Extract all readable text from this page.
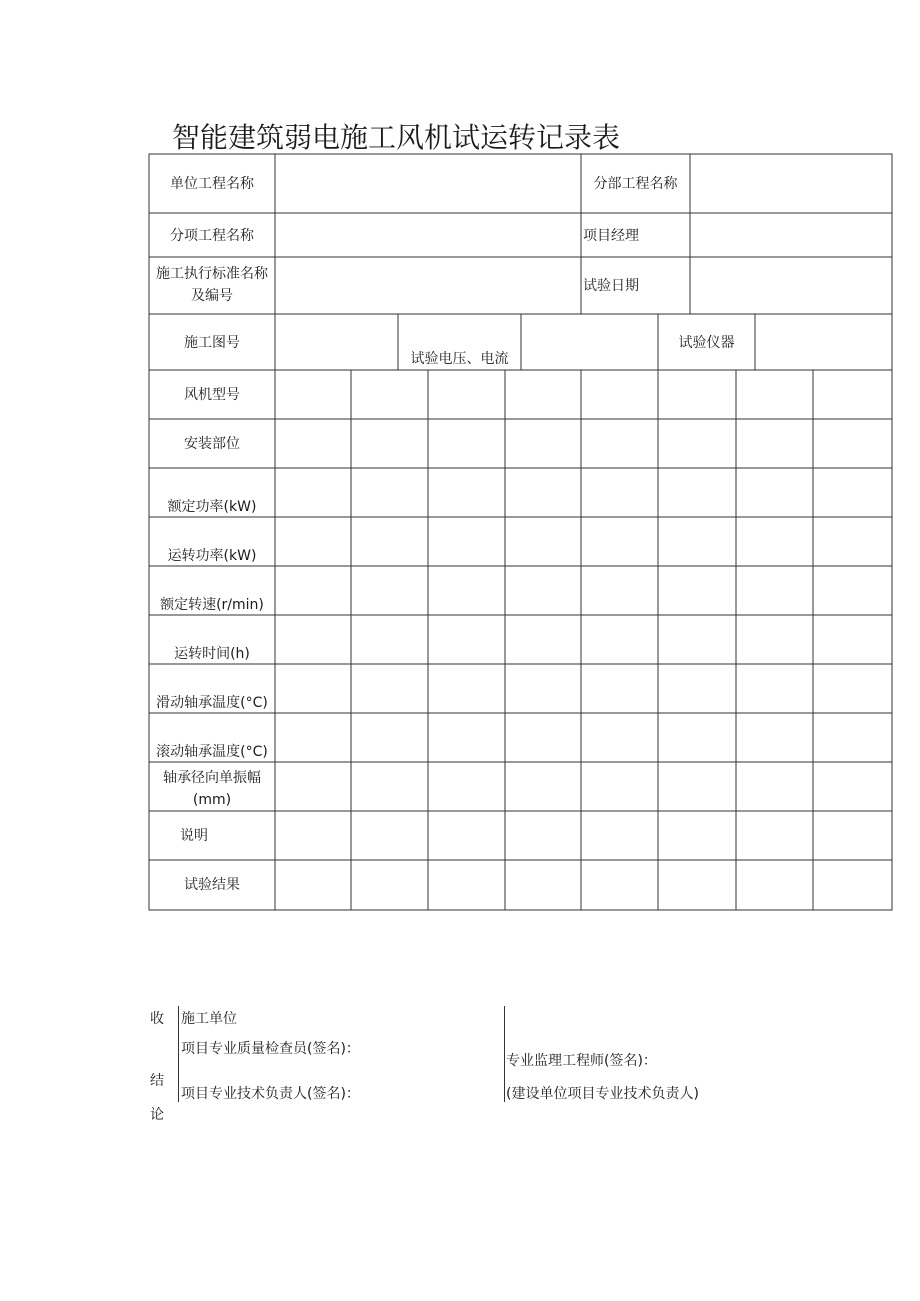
智能建筑弱电施工风机试运转记录表
单位工程名称	分部工程名称
分项工程名称	项目经理
施工执行标准名称
及编号
试验日期
施工图号
试验电压、电流
试验仪器
风机型号
安装部位
额定功率(kW)
运转功率(kW)
额定转速(r/min)
运转时间(h)
滑动轴承温度(°C)
滚动轴承温度(°C)
轴承径向单振幅
(mm)
说明
试验结果
收
结
论
施工单位
项目专业质量检查员(签名)：
项目专业技术负责人(签名)：
专业监理工程师(签名)：
(建设单位项目专业技术负责人)
